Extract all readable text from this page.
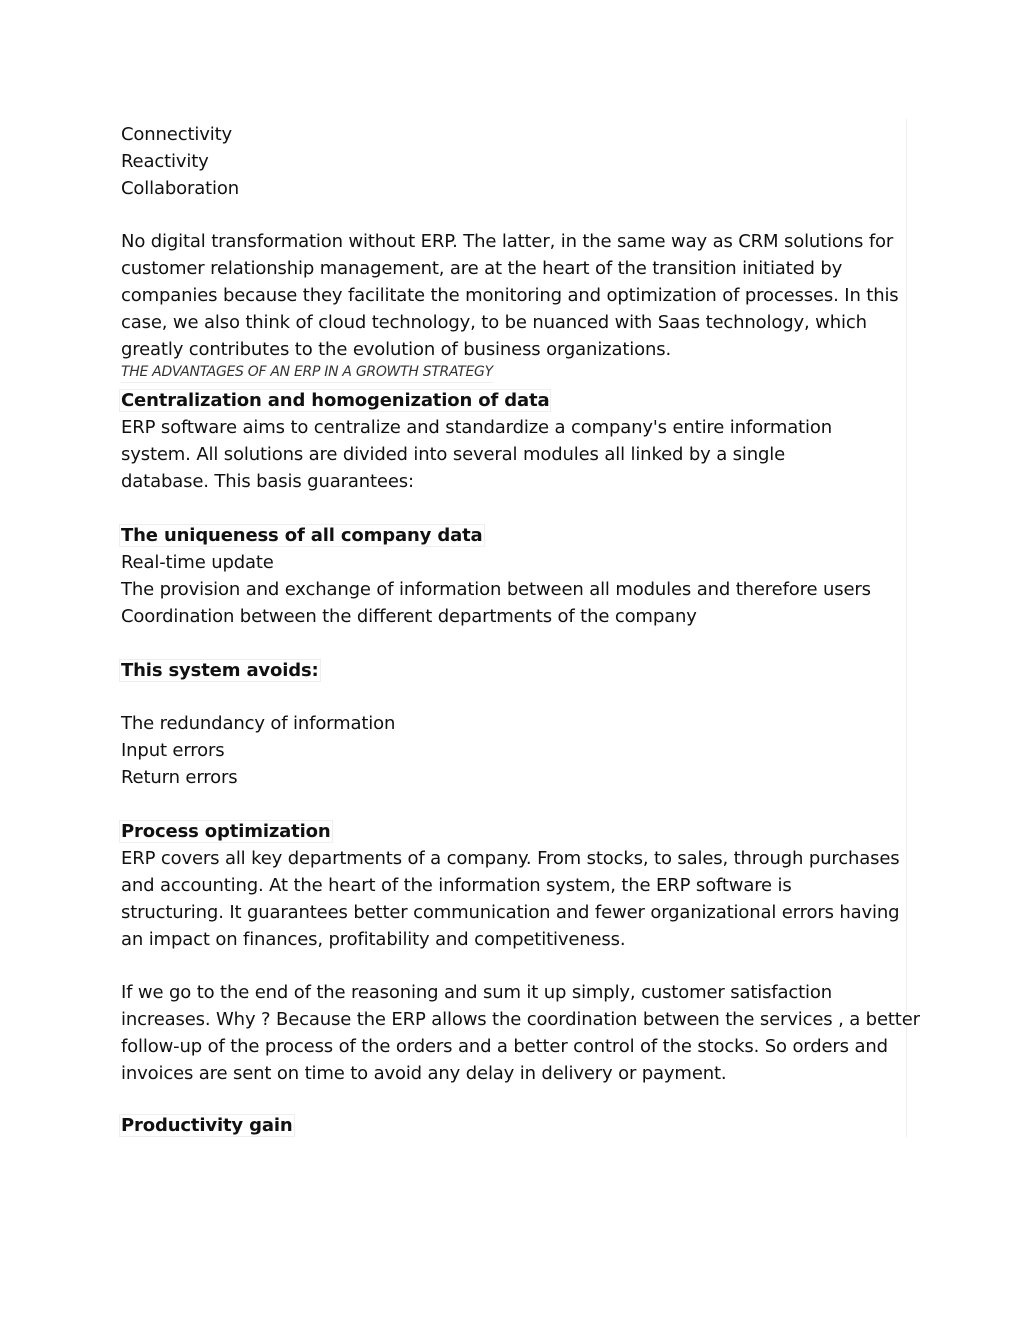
Connectivity

Reactivity

Collaboration

No digital transformation without ERP. The latter, in the same way as CRM solutions for

customer relationship management, are at the heart of the transition initiated by

companies because they facilitate the monitoring and optimization of processes. In this

case, we also think of cloud technology, to be nuanced with Saas technology, which

greatly contributes to the evolution of business organizations.

THE ADVANTAGES OF AN ERP IN A GROWTH STRATEGY

Centralization and homogenization of data

ERP software aims to centralize and standardize a company's entire information

system. All solutions are divided into several modules all linked by a single

database. This basis guarantees:

The uniqueness of all company data

Real-time update

The provision and exchange of information between all modules and therefore users

Coordination between the different departments of the company

This system avoids:

The redundancy of information

Input errors

Return errors

Process optimization

ERP covers all key departments of a company. From stocks, to sales, through purchases

and accounting. At the heart of the information system, the ERP software is

structuring. It guarantees better communication and fewer organizational errors having

an impact on finances, profitability and competitiveness.

If we go to the end of the reasoning and sum it up simply, customer satisfaction

increases. Why ? Because the ERP allows the coordination between the services , a better

follow-up of the process of the orders and a better control of the stocks. So orders and

invoices are sent on time to avoid any delay in delivery or payment.

Productivity gain
